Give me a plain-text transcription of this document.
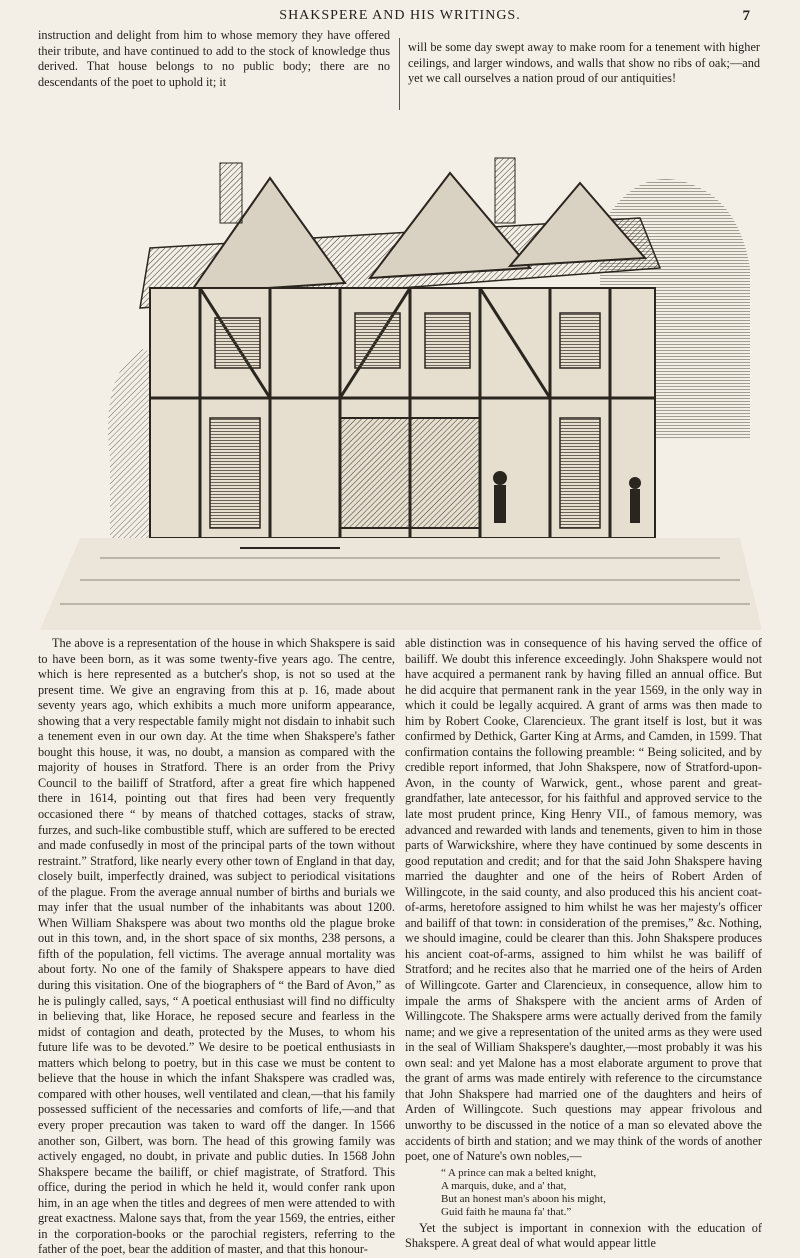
SHAKSPERE AND HIS WRITINGS.	7

instruction and delight from him to whose memory they have offered their tribute, and have continued to add to the stock of knowledge thus derived. That house belongs to no public body; there are no descendants of the poet to uphold it; it

will be some day swept away to make room for a tenement with higher ceilings, and larger windows, and walls that show no ribs of oak;—and yet we call ourselves a nation proud of our antiquities!

The above is a representation of the house in which Shakspere is said to have been born, as it was some twenty-five years ago. The centre, which is here represented as a butcher's shop, is not so used at the present time. We give an engraving from this at p. 16, made about seventy years ago, which exhibits a much more uniform appearance, showing that a very respectable family might not disdain to inhabit such a tenement even in our own day. At the time when Shakspere's father bought this house, it was, no doubt, a mansion as compared with the majority of houses in Stratford. There is an order from the Privy Council to the bailiff of Stratford, after a great fire which happened there in 1614, pointing out that fires had been very frequently occasioned there “ by means of thatched cottages, stacks of straw, furzes, and such-like combustible stuff, which are suffered to be erected and made confusedly in most of the principal parts of the town without restraint.” Stratford, like nearly every other town of England in that day, closely built, imperfectly drained, was subject to periodical visitations of the plague. From the average annual number of births and burials we may infer that the usual number of the inhabitants was about 1200. When William Shakspere was about two months old the plague broke out in this town, and, in the short space of six months, 238 persons, a fifth of the population, fell victims. The average annual mortality was about forty. No one of the family of Shakspere appears to have died during this visitation. One of the biographers of “ the Bard of Avon,” as he is pulingly called, says, “ A poetical enthusiast will find no difficulty in believing that, like Horace, he reposed secure and fearless in the midst of contagion and death, protected by the Muses, to whom his future life was to be devoted.” We desire to be poetical enthusiasts in matters which belong to poetry, but in this case we must be content to believe that the house in which the infant Shakspere was cradled was, compared with other houses, well ventilated and clean,—that his family possessed sufficient of the necessaries and comforts of life,—and that every proper precaution was taken to ward off the danger. In 1566 another son, Gilbert, was born. The head of this growing family was actively engaged, no doubt, in private and public duties. In 1568 John Shakspere became the bailiff, or chief magistrate, of Stratford. This office, during the period in which he held it, would confer rank upon him, in an age when the titles and degrees of men were attended to with great exactness. Malone says that, from the year 1569, the entries, either in the corporation-books or the parochial registers, referring to the father of the poet, bear the addition of master, and that this honour-

able distinction was in consequence of his having served the office of bailiff. We doubt this inference exceedingly. John Shakspere would not have acquired a permanent rank by having filled an annual office. But he did acquire that permanent rank in the year 1569, in the only way in which it could be legally acquired. A grant of arms was then made to him by Robert Cooke, Clarencieux. The grant itself is lost, but it was confirmed by Dethick, Garter King at Arms, and Camden, in 1599. That confirmation contains the following preamble: “ Being solicited, and by credible report informed, that John Shakspere, now of Stratford-upon-Avon, in the county of Warwick, gent., whose parent and great-grandfather, late antecessor, for his faithful and approved service to the late most prudent prince, King Henry VII., of famous memory, was advanced and rewarded with lands and tenements, given to him in those parts of Warwickshire, where they have continued by some descents in good reputation and credit; and for that the said John Shakspere having married the daughter and one of the heirs of Robert Arden of Willingcote, in the said county, and also produced this his ancient coat-of-arms, heretofore assigned to him whilst he was her majesty's officer and bailiff of that town: in consideration of the premises,” &c. Nothing, we should imagine, could be clearer than this. John Shakspere produces his ancient coat-of-arms, assigned to him whilst he was bailiff of Stratford; and he recites also that he married one of the heirs of Arden of Willingcote. Garter and Clarencieux, in consequence, allow him to impale the arms of Shakspere with the ancient arms of Arden of Willingcote. The Shakspere arms were actually derived from the family name; and we give a representation of the united arms as they were used in the seal of William Shakspere's daughter,—most probably it was his own seal: and yet Malone has a most elaborate argument to prove that the grant of arms was made entirely with reference to the circumstance that John Shakspere had married one of the daughters and heirs of Arden of Willingcote. Such questions may appear frivolous and unworthy to be discussed in the notice of a man so elevated above the accidents of birth and station; and we may think of the words of another poet, one of Nature's own nobles,—

“ A prince can mak a belted knight,
A marquis, duke, and a' that,
But an honest man's aboon his might,
Guid faith he mauna fa' that.”

Yet the subject is important in connexion with the education of Shakspere. A great deal of what would appear little
